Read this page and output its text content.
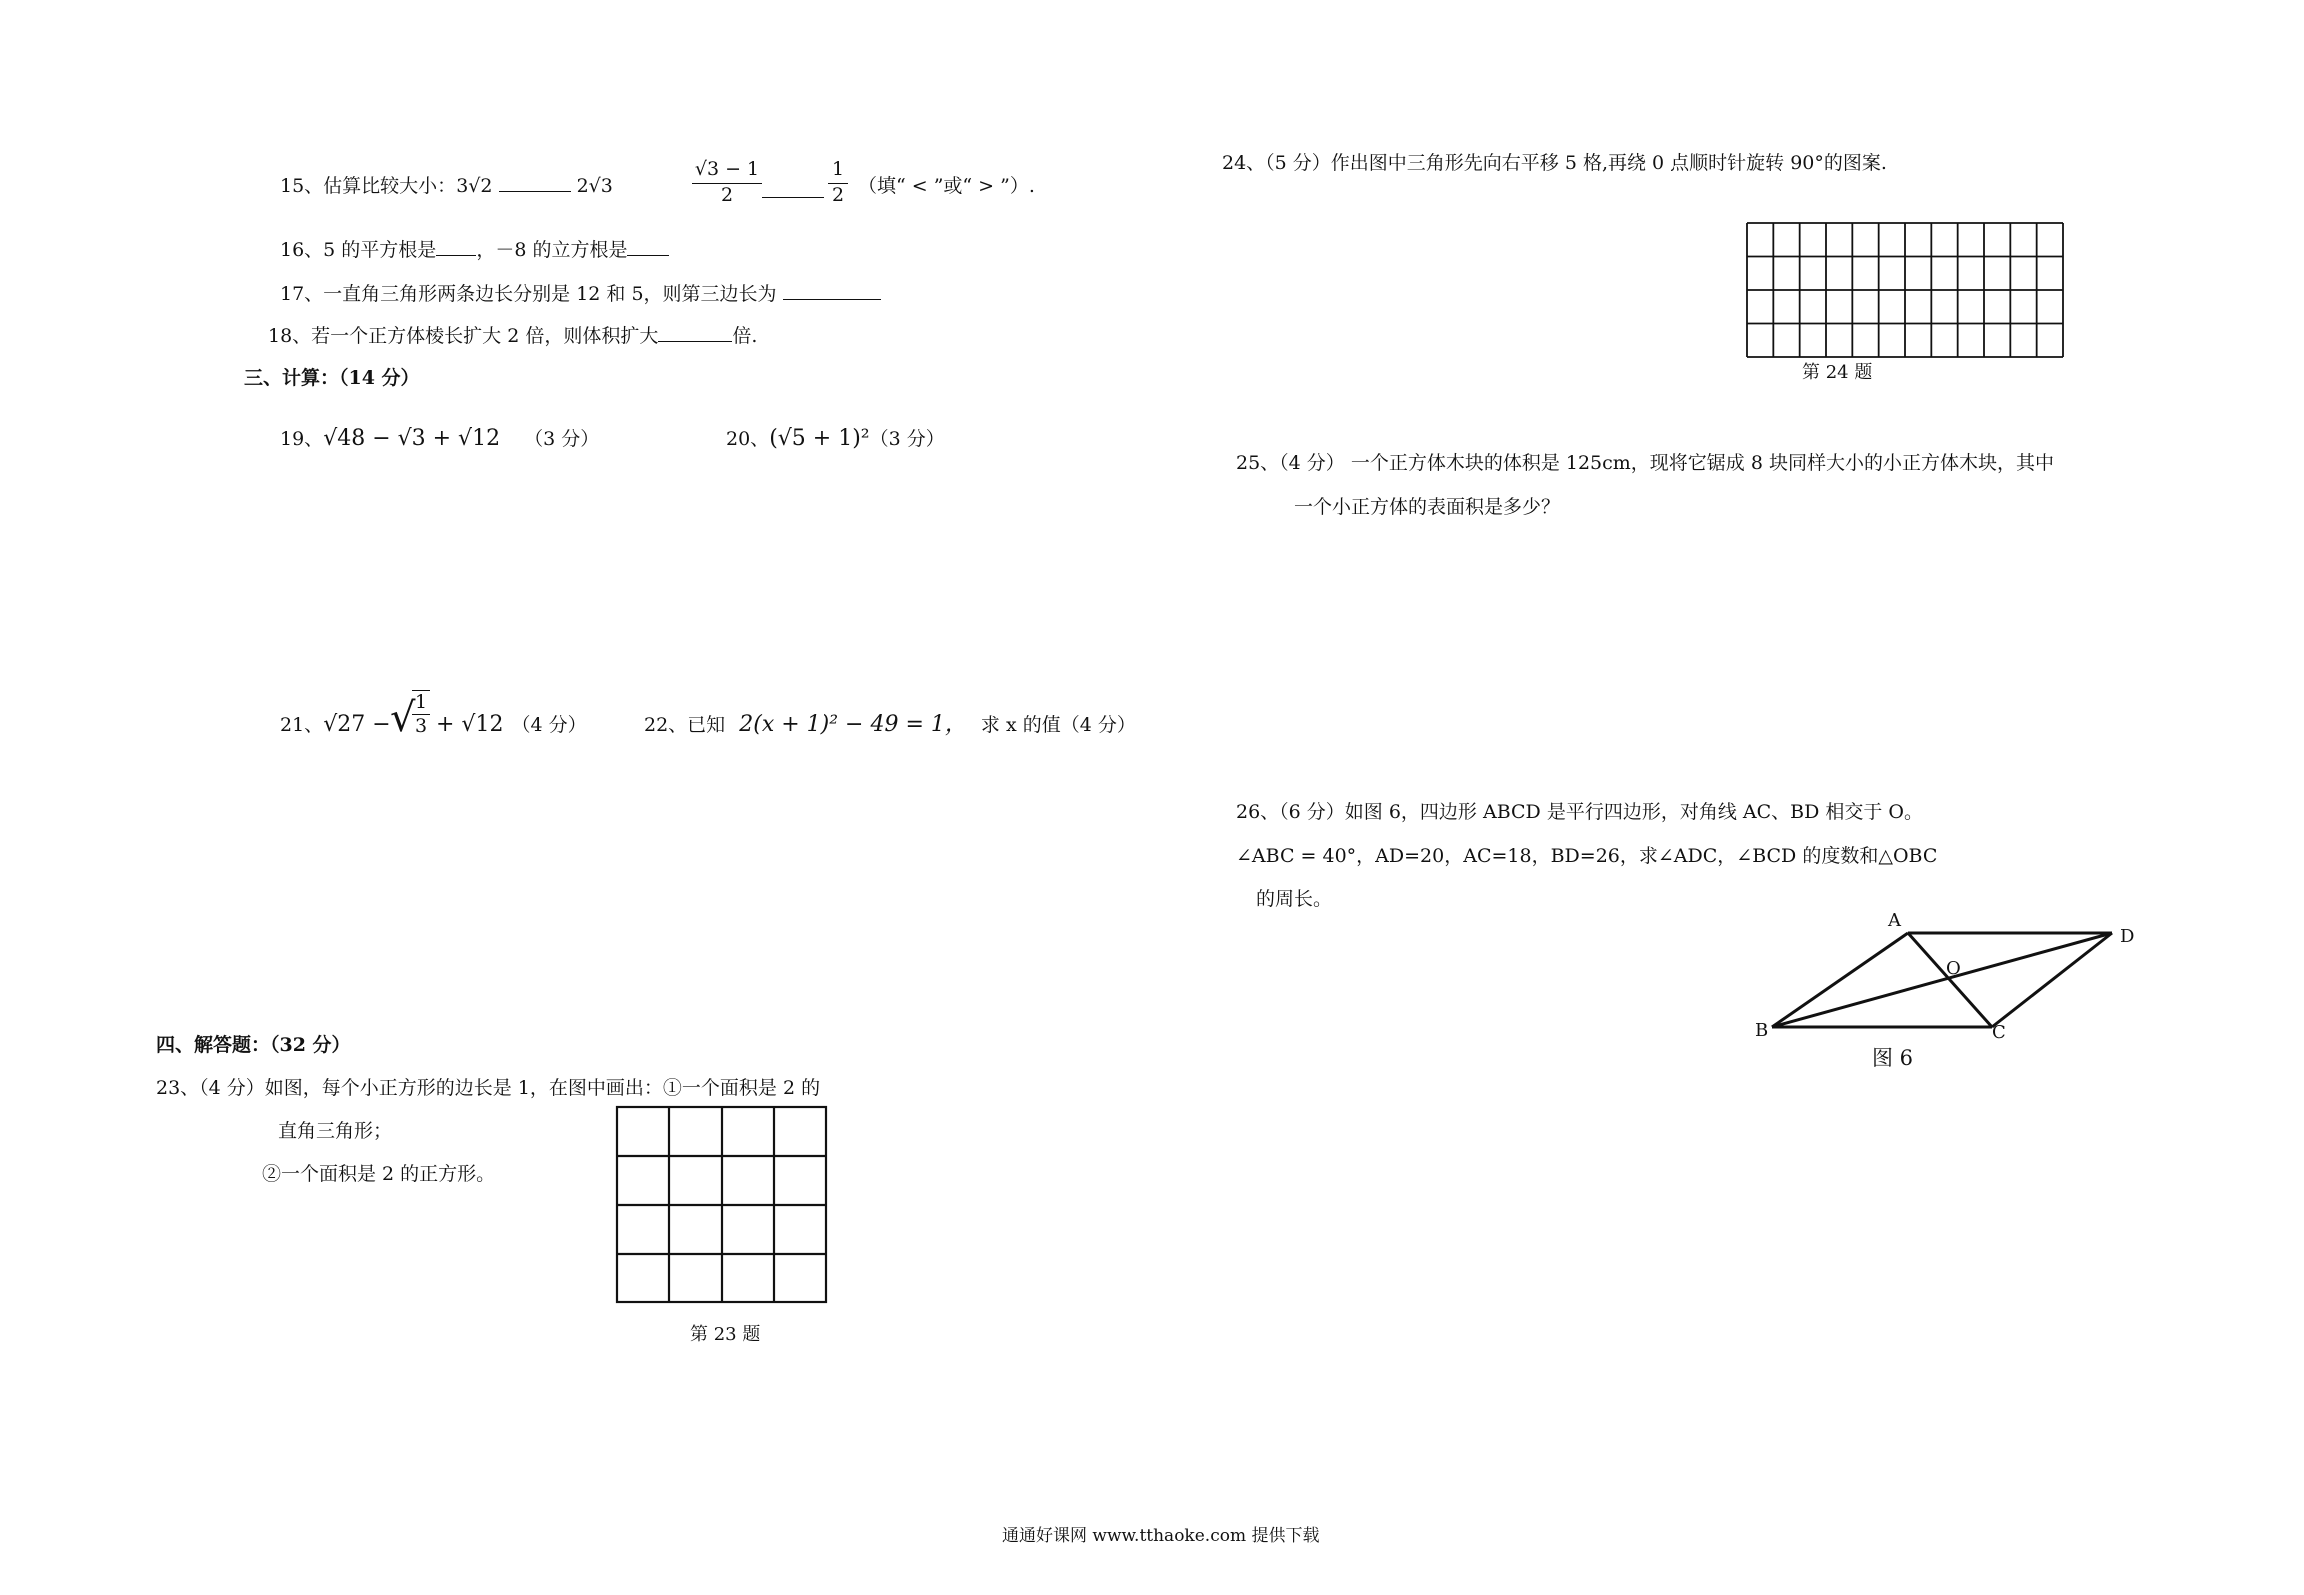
15、估算比较大小：3√2	2√3	$\frac{√3 - 1}{2}$	$\frac{1}{2}$ （填“ < ”或“ > ”）.
16、5 的平方根是 ，－8 的立方根是
17、一直角三角形两条边长分别是 12 和 5，则第三边长为
18、若一个正方体棱长扩大 2 倍，则体积扩大	倍.
三、计算：（14 分）
19、√48 − √3 + √12 （3 分）	20、(√5 + 1)²（3 分）
21、√27 − √
$\frac{1}{3} + √12$ （4 分）	22、已知 2(x + 1)² − 49 = 1， 求 x 的值（4 分）
四、解答题：（32 分）
23、（4 分）如图，每个小正方形的边长是 1，在图中画出：①一个面积是 2 的
直角三角形；
②一个面积是 2 的正方形。
第 23 题
24、（5 分）作出图中三角形先向右平移 5 格,再绕 0 点顺时针旋转 90°的图案.
第 24 题
25、（4 分） 一个正方体木块的体积是 125cm，现将它锯成 8 块同样大小的小正方体木块，其中
一个小正方体的表面积是多少？
26、（6 分）如图 6，四边形 ABCD 是平行四边形，对角线 AC、BD 相交于 O。
∠ABC = 40°，AD=20，AC=18，BD=26，求∠ADC，∠BCD 的度数和△OBC
的周长。
A
D
O
B	C
图 6
通通好课网 www.tthaoke.com 提供下载
